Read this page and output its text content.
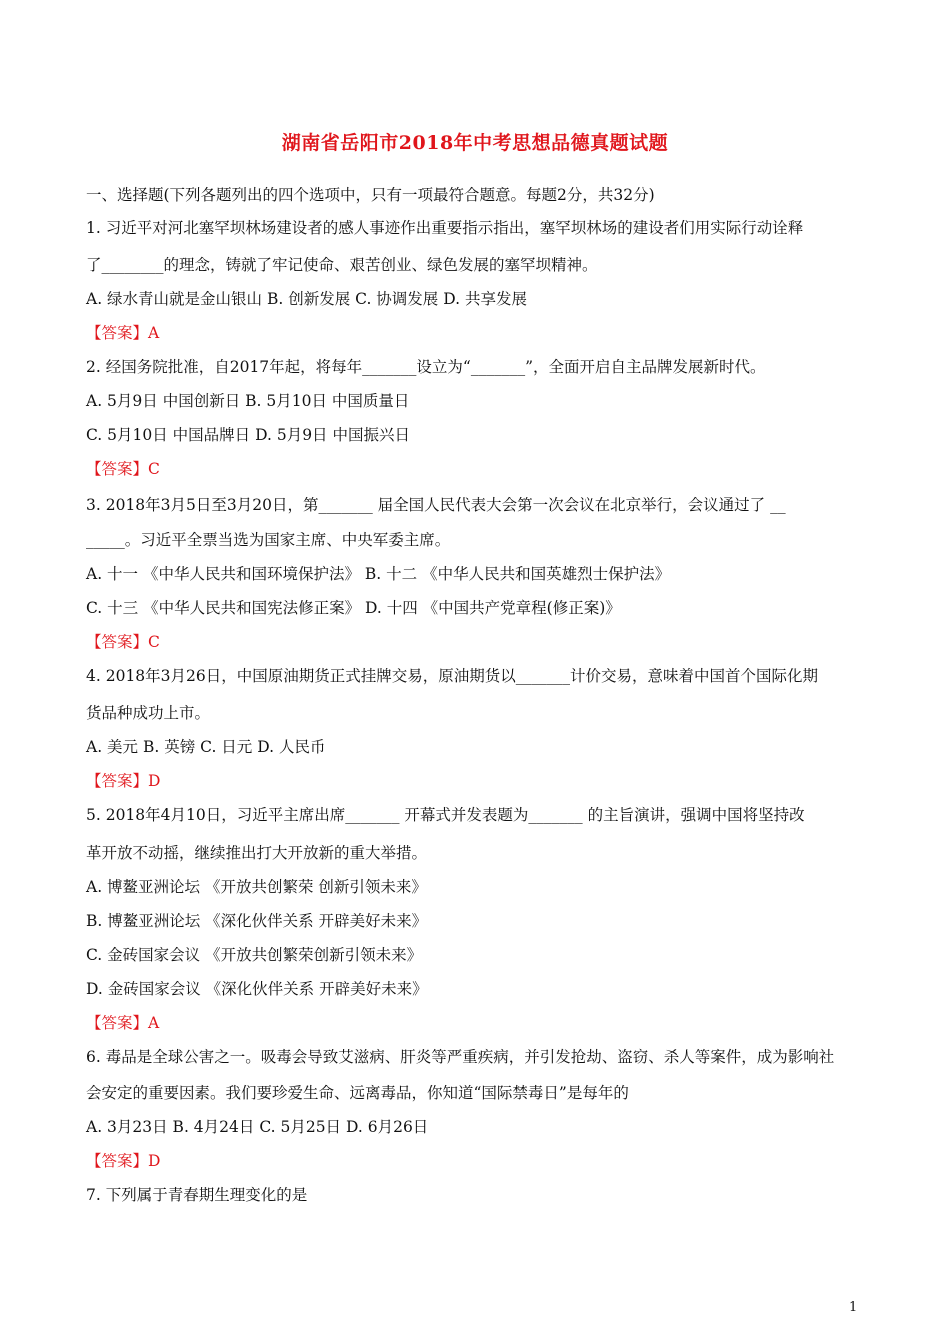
湖南省岳阳市2018年中考思想品德真题试题
一、选择题(下列各题列出的四个选项中，只有一项最符合题意。每题2分，共32分)
1. 习近平对河北塞罕坝林场建设者的感人事迹作出重要指示指出，塞罕坝林场的建设者们用实际行动诠释
了________的理念，铸就了牢记使命、艰苦创业、绿色发展的塞罕坝精神。
A. 绿水青山就是金山银山 B. 创新发展 C. 协调发展 D. 共享发展
【答案】A
2. 经国务院批准，自2017年起，将每年_______设立为“_______”，全面开启自主品牌发展新时代。
A. 5月9日 中国创新日 B. 5月10日 中国质量日
C. 5月10日 中国品牌日 D. 5月9日 中国振兴日
【答案】C
3. 2018年3月5日至3月20日，第_______ 届全国人民代表大会第一次会议在北京举行，会议通过了 __
_____。习近平全票当选为国家主席、中央军委主席。
A. 十一 《中华人民共和国环境保护法》 B. 十二 《中华人民共和国英雄烈士保护法》
C. 十三 《中华人民共和国宪法修正案》 D. 十四 《中国共产党章程(修正案)》
【答案】C
4. 2018年3月26日，中国原油期货正式挂牌交易，原油期货以_______计价交易，意味着中国首个国际化期
货品种成功上市。
A. 美元 B. 英镑 C. 日元 D. 人民币
【答案】D
5. 2018年4月10日，习近平主席出席_______ 开幕式并发表题为_______ 的主旨演讲，强调中国将坚持改
革开放不动摇，继续推出打大开放新的重大举措。
A. 博鳌亚洲论坛 《开放共创繁荣 创新引领未来》
B. 博鳌亚洲论坛 《深化伙伴关系 开辟美好未来》
C. 金砖国家会议 《开放共创繁荣创新引领未来》
D. 金砖国家会议 《深化伙伴关系 开辟美好未来》
【答案】A
6. 毒品是全球公害之一。吸毒会导致艾滋病、肝炎等严重疾病，并引发抢劫、盗窃、杀人等案件，成为影响社
会安定的重要因素。我们要珍爱生命、远离毒品，你知道“国际禁毒日”是每年的
A. 3月23日 B. 4月24日 C. 5月25日 D. 6月26日
【答案】D
7. 下列属于青春期生理变化的是
1
